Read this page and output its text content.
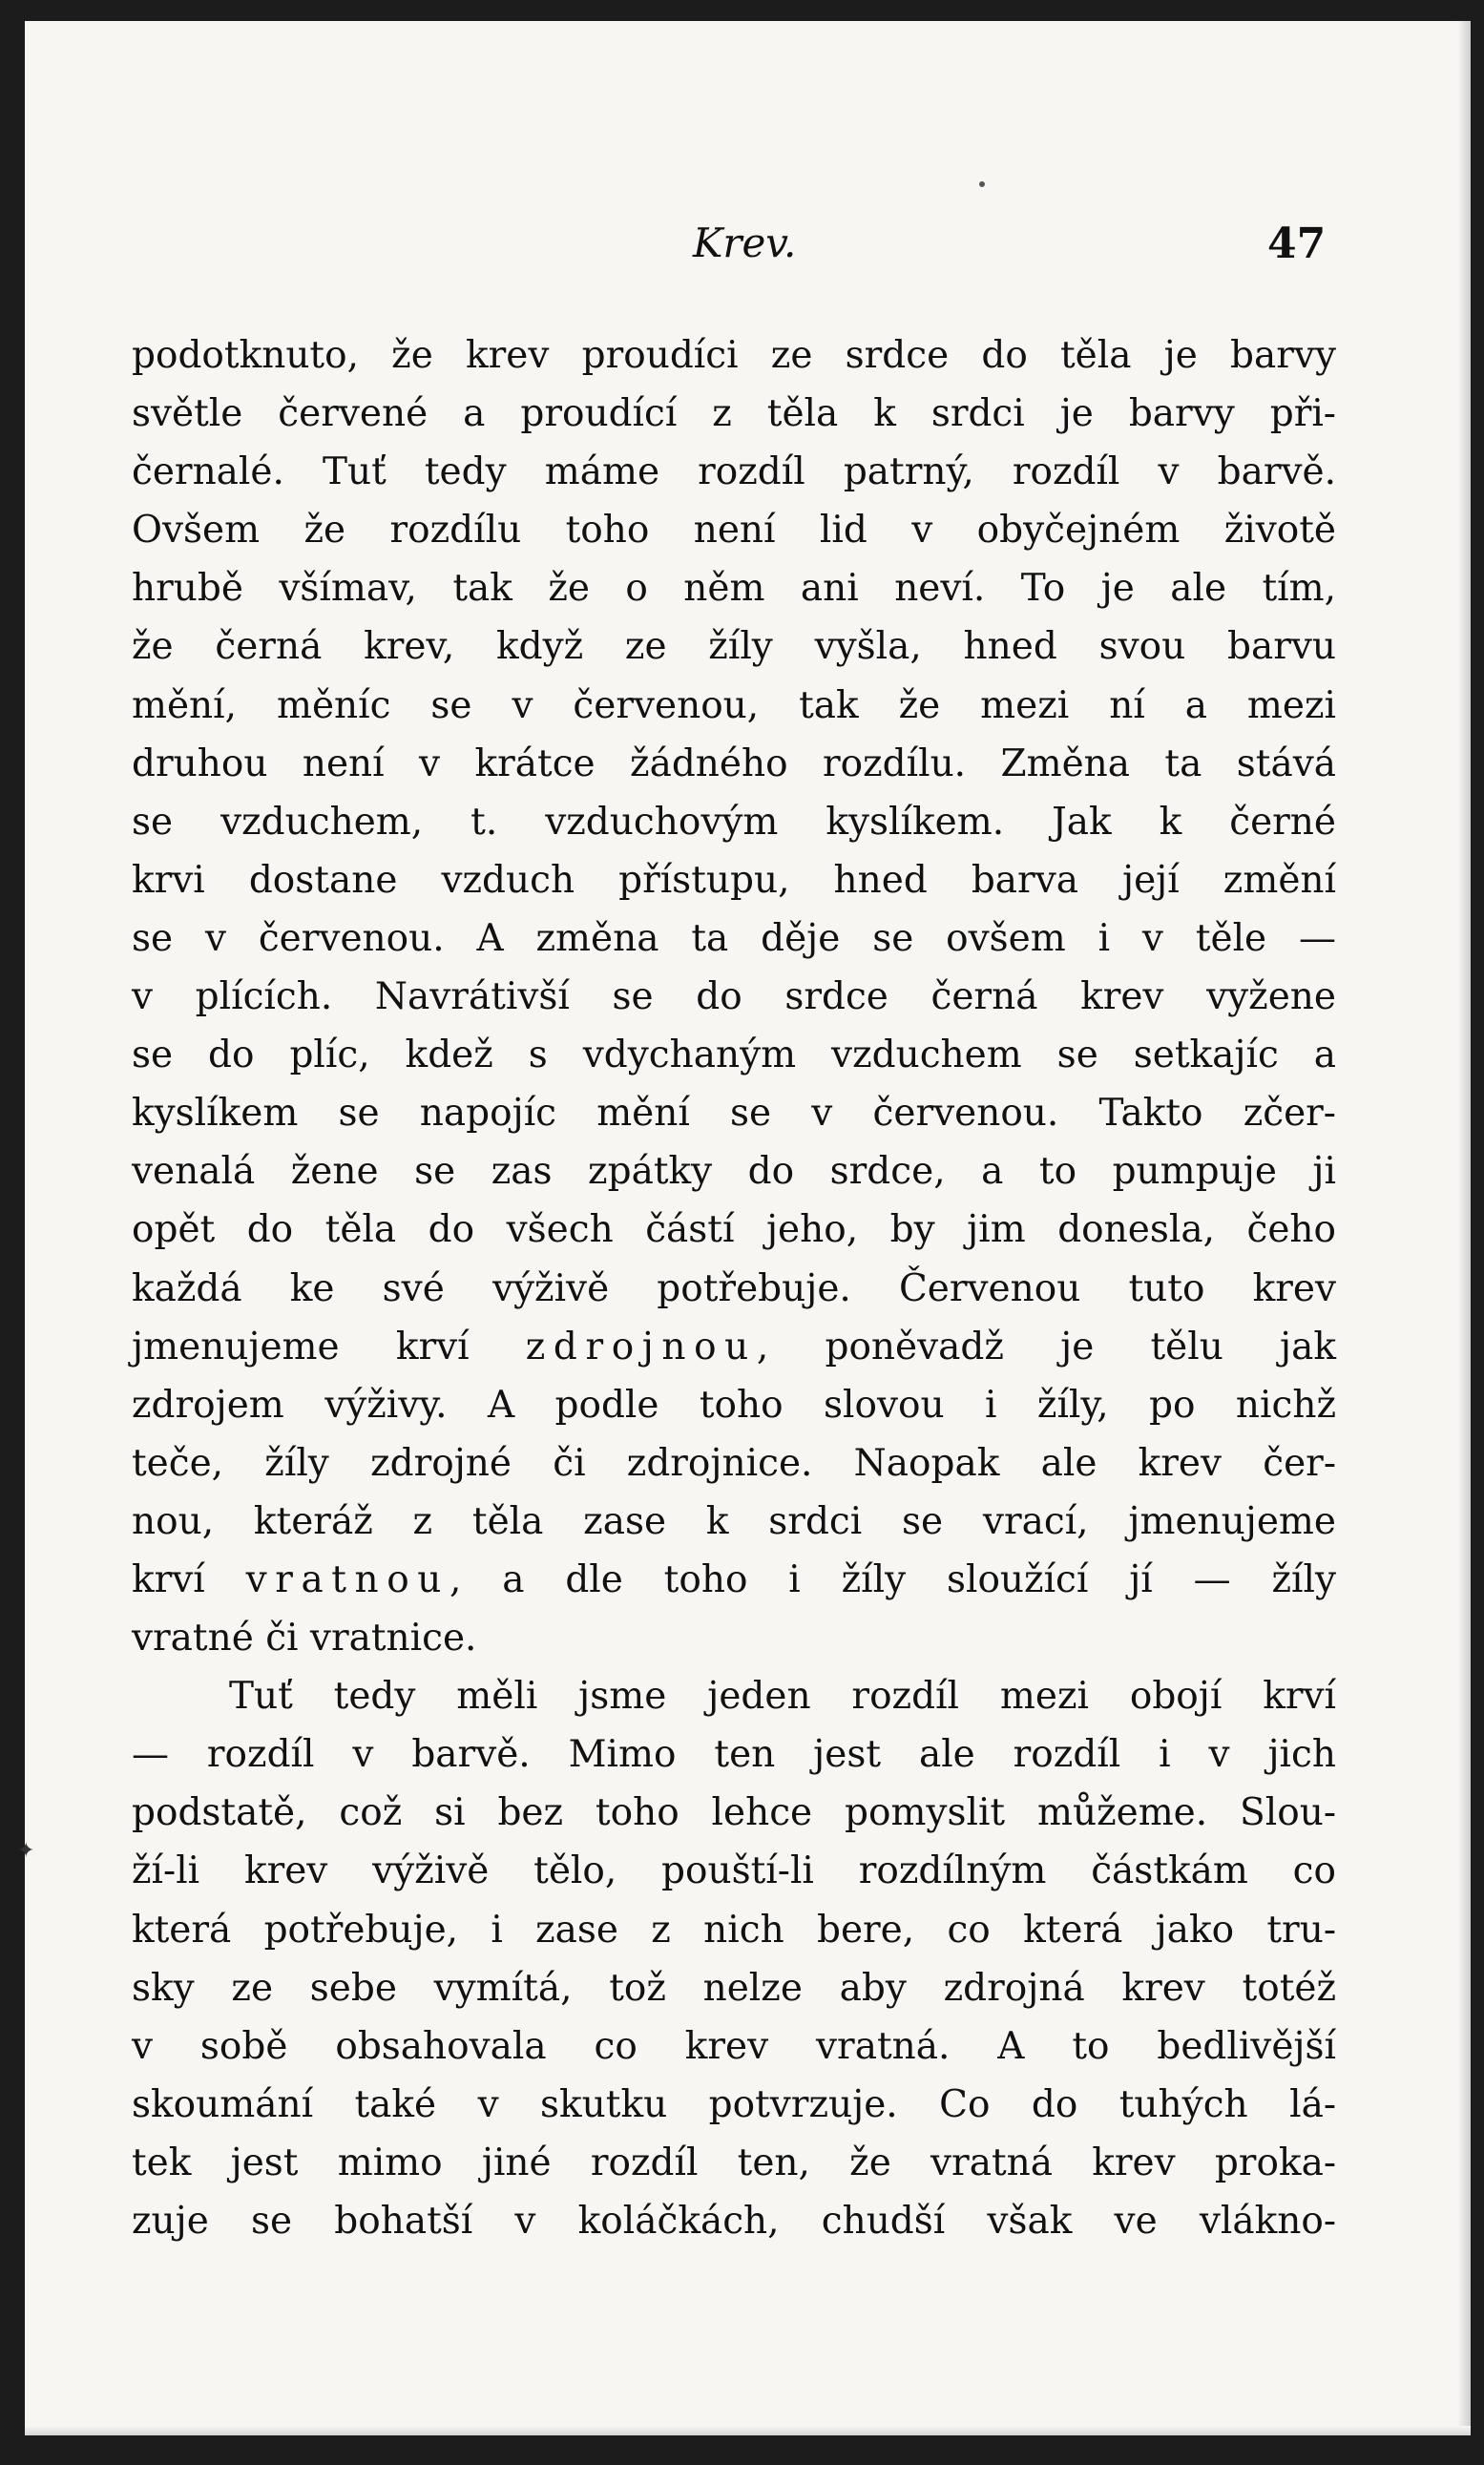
✦
Krev.	47
podotknuto, že krev proudíci ze srdce do těla je barvy
světle červené a proudící z těla k srdci je barvy při-
černalé. Tuť tedy máme rozdíl patrný, rozdíl v barvě.
Ovšem že rozdílu toho není lid v obyčejném životě
hrubě všímav, tak že o něm ani neví. To je ale tím,
že černá krev, když ze žíly vyšla, hned svou barvu
mění, měníc se v červenou, tak že mezi ní a mezi
druhou není v krátce žádného rozdílu. Změna ta stává
se vzduchem, t. vzduchovým kyslíkem. Jak k černé
krvi dostane vzduch přístupu, hned barva její změní
se v červenou. A změna ta děje se ovšem i v těle —
v plících. Navrátivší se do srdce černá krev vyžene
se do plíc, kdež s vdychaným vzduchem se setkajíc a
kyslíkem se napojíc mění se v červenou. Takto zčer-
venalá žene se zas zpátky do srdce, a to pumpuje ji
opět do těla do všech částí jeho, by jim donesla, čeho
každá ke své výživě potřebuje. Červenou tuto krev
jmenujeme krví zdrojnou, poněvadž je tělu jak
zdrojem výživy. A podle toho slovou i žíly, po nichž
teče, žíly zdrojné či zdrojnice. Naopak ale krev čer-
nou, kteráž z těla zase k srdci se vrací, jmenujeme
krví vratnou, a dle toho i žíly sloužící jí — žíly
vratné či vratnice.
Tuť tedy měli jsme jeden rozdíl mezi obojí krví
— rozdíl v barvě. Mimo ten jest ale rozdíl i v jich
podstatě, což si bez toho lehce pomyslit můžeme. Slou-
ží-li krev výživě tělo, pouští-li rozdílným částkám co
která potřebuje, i zase z nich bere, co která jako tru-
sky ze sebe vymítá, tož nelze aby zdrojná krev totéž
v sobě obsahovala co krev vratná. A to bedlivější
skoumání také v skutku potvrzuje. Co do tuhých lá-
tek jest mimo jiné rozdíl ten, že vratná krev proka-
zuje se bohatší v koláčkách, chudší však ve vlákno-
